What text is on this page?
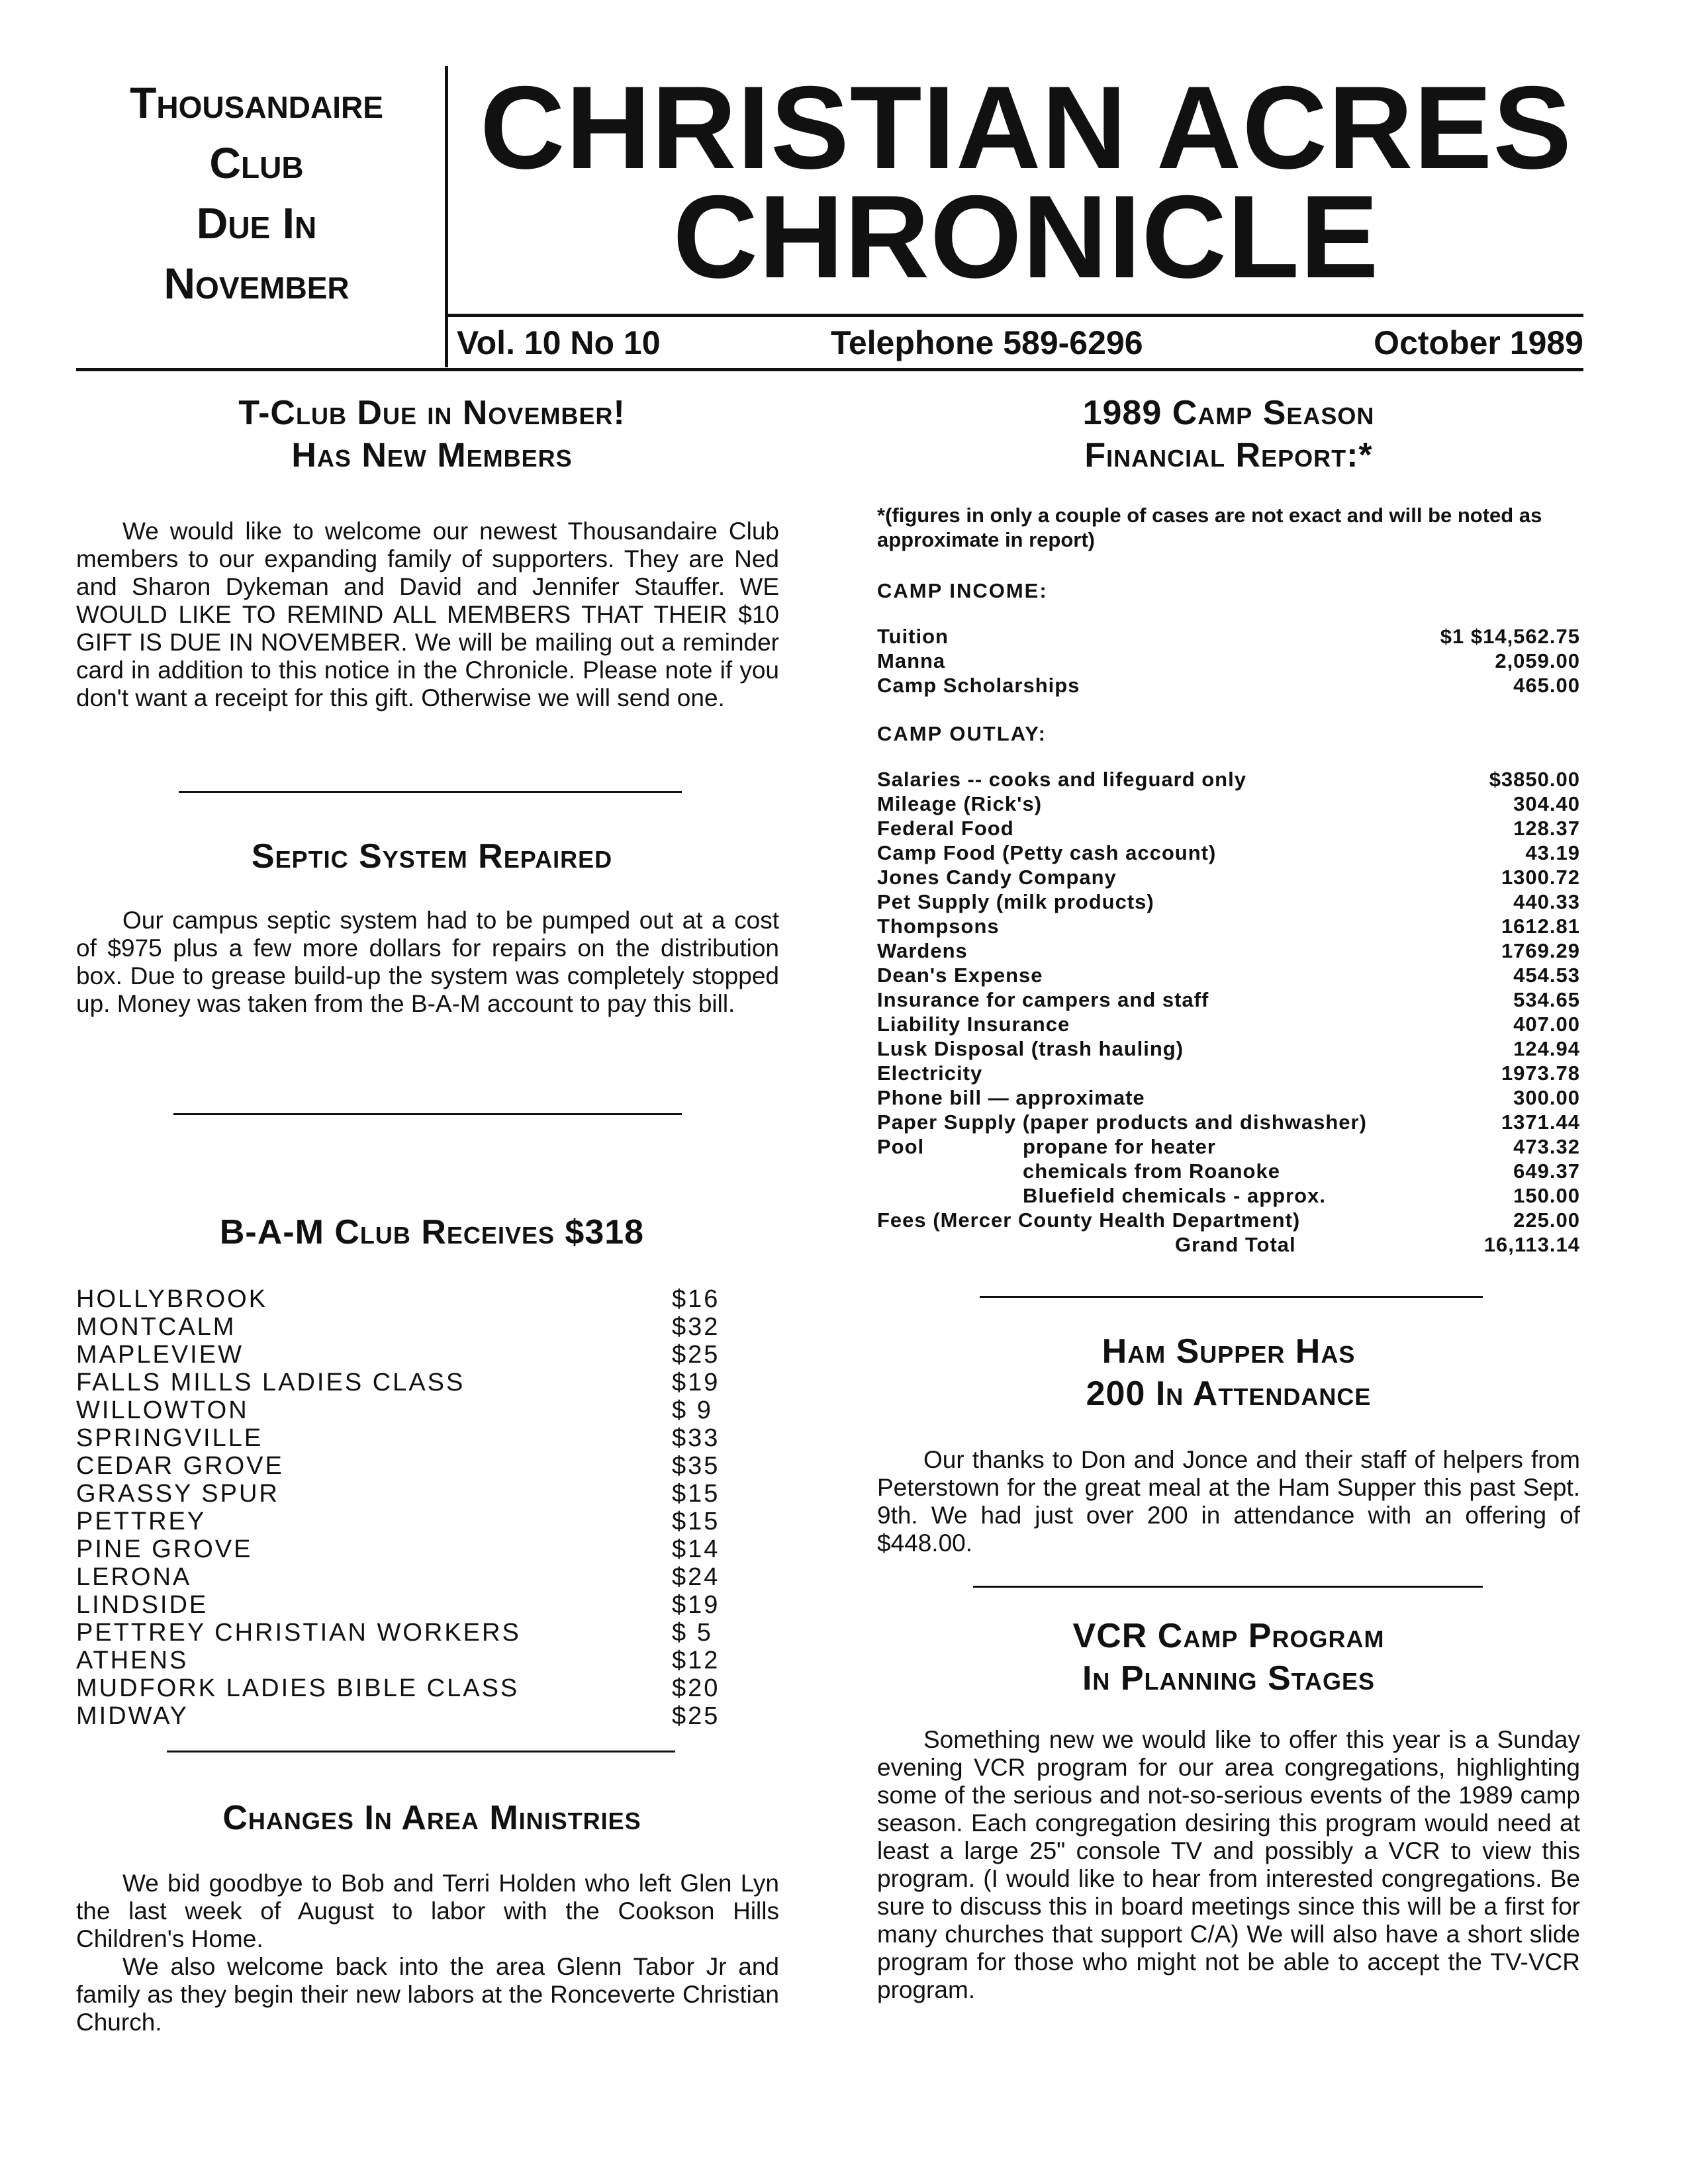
Thousandaire
Club
Due In
November
CHRISTIAN ACRES
CHRONICLE
Vol. 10 No 10	Telephone 589-6296	October 1989
T-Club Due in November!
Has New Members

We would like to welcome our newest Thousandaire Club members to our expanding family of supporters. They are Ned and Sharon Dykeman and David and Jennifer Stauffer. WE WOULD LIKE TO REMIND ALL MEMBERS THAT THEIR $10 GIFT IS DUE IN NOVEMBER. We will be mailing out a reminder card in addition to this notice in the Chronicle. Please note if you don't want a receipt for this gift. Otherwise we will send one.

Septic System Repaired

Our campus septic system had to be pumped out at a cost of $975 plus a few more dollars for repairs on the distribution box. Due to grease build-up the system was completely stopped up. Money was taken from the B-A-M account to pay this bill.

B-A-M Club Receives $318
HOLLYBROOK	$16
MONTCALM	$32
MAPLEVIEW	$25
FALLS MILLS LADIES CLASS	$19
WILLOWTON	$ 9
SPRINGVILLE	$33
CEDAR GROVE	$35
GRASSY SPUR	$15
PETTREY	$15
PINE GROVE	$14
LERONA	$24
LINDSIDE	$19
PETTREY CHRISTIAN WORKERS	$ 5
ATHENS	$12
MUDFORK LADIES BIBLE CLASS	$20
MIDWAY	$25
Changes In Area Ministries

We bid goodbye to Bob and Terri Holden who left Glen Lyn the last week of August to labor with the Cookson Hills Children's Home.

We also welcome back into the area Glenn Tabor Jr and family as they begin their new labors at the Ronceverte Christian Church.

1989 Camp Season
Financial Report:*
*(figures in only a couple of cases are not exact and will be noted as approximate in report)
CAMP INCOME:
Tuition	$1 $14,562.75
Manna	2,059.00
Camp Scholarships	465.00
CAMP OUTLAY:
Salaries -- cooks and lifeguard only	$3850.00
Mileage (Rick's)	304.40
Federal Food	128.37
Camp Food (Petty cash account)	43.19
Jones Candy Company	1300.72
Pet Supply (milk products)	440.33
Thompsons	1612.81
Wardens	1769.29
Dean's Expense	454.53
Insurance for campers and staff	534.65
Liability Insurance	407.00
Lusk Disposal (trash hauling)	124.94
Electricity	1973.78
Phone bill — approximate	300.00
Paper Supply (paper products and dishwasher)	1371.44
Pool	propane for heater	473.32
chemicals from Roanoke	649.37
Bluefield chemicals - approx.	150.00
Fees (Mercer County Health Department)	225.00
Grand Total	16,113.14
Ham Supper Has
200 In Attendance

Our thanks to Don and Jonce and their staff of helpers from Peterstown for the great meal at the Ham Supper this past Sept. 9th. We had just over 200 in attendance with an offering of $448.00.

VCR Camp Program
In Planning Stages

Something new we would like to offer this year is a Sunday evening VCR program for our area congregations, highlighting some of the serious and not-so-serious events of the 1989 camp season. Each congregation desiring this program would need at least a large 25" console TV and possibly a VCR to view this program. (I would like to hear from interested congregations. Be sure to discuss this in board meetings since this will be a first for many churches that support C/A) We will also have a short slide program for those who might not be able to accept the TV-VCR program.
